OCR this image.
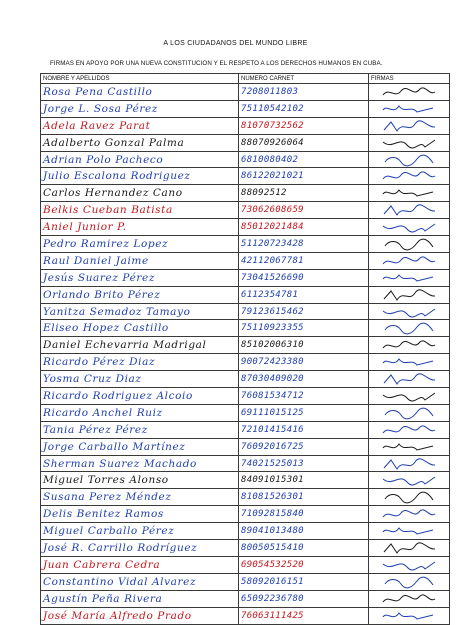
A LOS CIUDADANOS DEL MUNDO LIBRE
FIRMAS EN APOYO POR UNA NUEVA CONSTITUCION Y EL RESPETO A LOS DERECHOS HUMANOS EN CUBA.
NOMBRE Y APELLIDOS	NUMERO CARNET	FIRMAS
Rosa Pena Castillo	7208011803	

Jorge L. Sosa Pérez	75110542102	

Adela Ravez Parat	81070732562	

Adalberto Gonzal Palma	88070926064	

Adrian Polo Pacheco	6810080402	

Julio Escalona Rodriguez	86122021021	

Carlos Hernandez Cano	88092512	

Belkis Cueban Batista	73062608659	

Aniel Junior P.	85012021484	

Pedro Ramirez Lopez	51120723428	

Raul Daniel Jaime	42112067781	

Jesús Suarez Pérez	73041526690	

Orlando Brito Pérez	6112354781	

Yanitza Semadoz Tamayo	79123615462	

Eliseo Hopez Castillo	75110923355	

Daniel Echevarria Madrigal	85102006310	

Ricardo Pérez Diaz	90072423380	

Yosma Cruz Diaz	87030409020	

Ricardo Rodriguez Alcoio	76081534712	

Ricardo Anchel Ruiz	69111015125	

Tania Pérez Pérez	72101415416	

Jorge Carballo Martínez	76092016725	

Sherman Suarez Machado	74021525013	

Miguel Torres Alonso	84091015301	

Susana Perez Méndez	81081526301	

Delis Benitez Ramos	71092815840	

Miguel Carballo Pérez	89041013480	

José R. Carrillo Rodríguez	80050515410	

Juan Cabrera Cedra	69054532520	

Constantino Vidal Alvarez	58092016151	

Agustín Peña Rivera	65092236780	

José María Alfredo Prado	76063111425	
